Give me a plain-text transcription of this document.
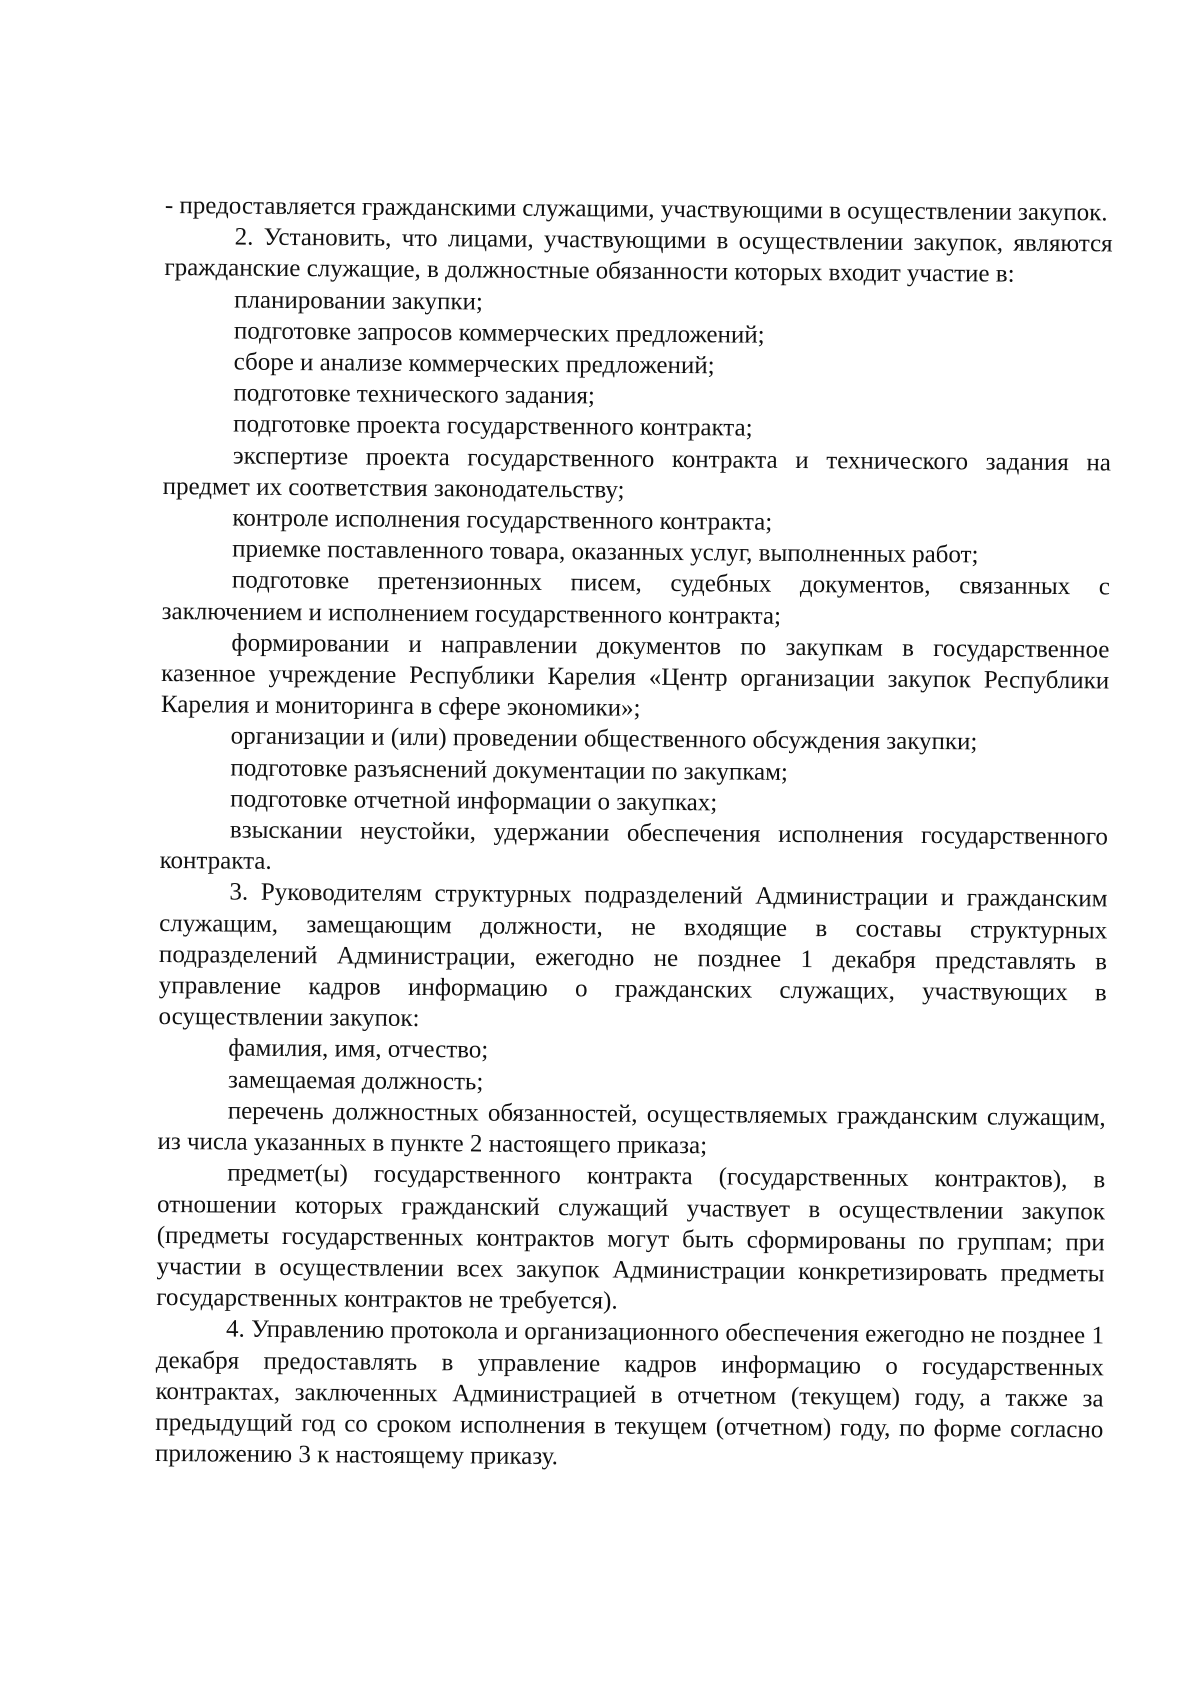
- предоставляется гражданскими служащими, участвующими в осуществлении закупок.

2. Установить, что лицами, участвующими в осуществлении закупок, являются гражданские служащие, в должностные обязанности которых входит участие в:

планировании закупки;

подготовке запросов коммерческих предложений;

сборе и анализе коммерческих предложений;

подготовке технического задания;

подготовке проекта государственного контракта;

экспертизе проекта государственного контракта и технического задания на предмет их соответствия законодательству;

контроле исполнения государственного контракта;

приемке поставленного товара, оказанных услуг, выполненных работ;

подготовке претензионных писем, судебных документов, связанных с заключением и исполнением государственного контракта;

формировании и направлении документов по закупкам в государственное казенное учреждение Республики Карелия «Центр организации закупок Республики Карелия и мониторинга в сфере экономики»;

организации и (или) проведении общественного обсуждения закупки;

подготовке разъяснений документации по закупкам;

подготовке отчетной информации о закупках;

взыскании неустойки, удержании обеспечения исполнения государственного контракта.

3. Руководителям структурных подразделений Администрации и гражданским служащим, замещающим должности, не входящие в составы структурных подразделений Администрации, ежегодно не позднее 1 декабря представлять в управление кадров информацию о гражданских служащих, участвующих в осуществлении закупок:

фамилия, имя, отчество;

замещаемая должность;

перечень должностных обязанностей, осуществляемых гражданским служащим, из числа указанных в пункте 2 настоящего приказа;

предмет(ы) государственного контракта (государственных контрактов), в отношении которых гражданский служащий участвует в осуществлении закупок (предметы государственных контрактов могут быть сформированы по группам; при участии в осуществлении всех закупок Администрации конкретизировать предметы государственных контрактов не требуется).

4. Управлению протокола и организационного обеспечения ежегодно не позднее 1 декабря предоставлять в управление кадров информацию о государственных контрактах, заключенных Администрацией в отчетном (текущем) году, а также за предыдущий год со сроком исполнения в текущем (отчетном) году, по форме согласно приложению 3 к настоящему приказу.
